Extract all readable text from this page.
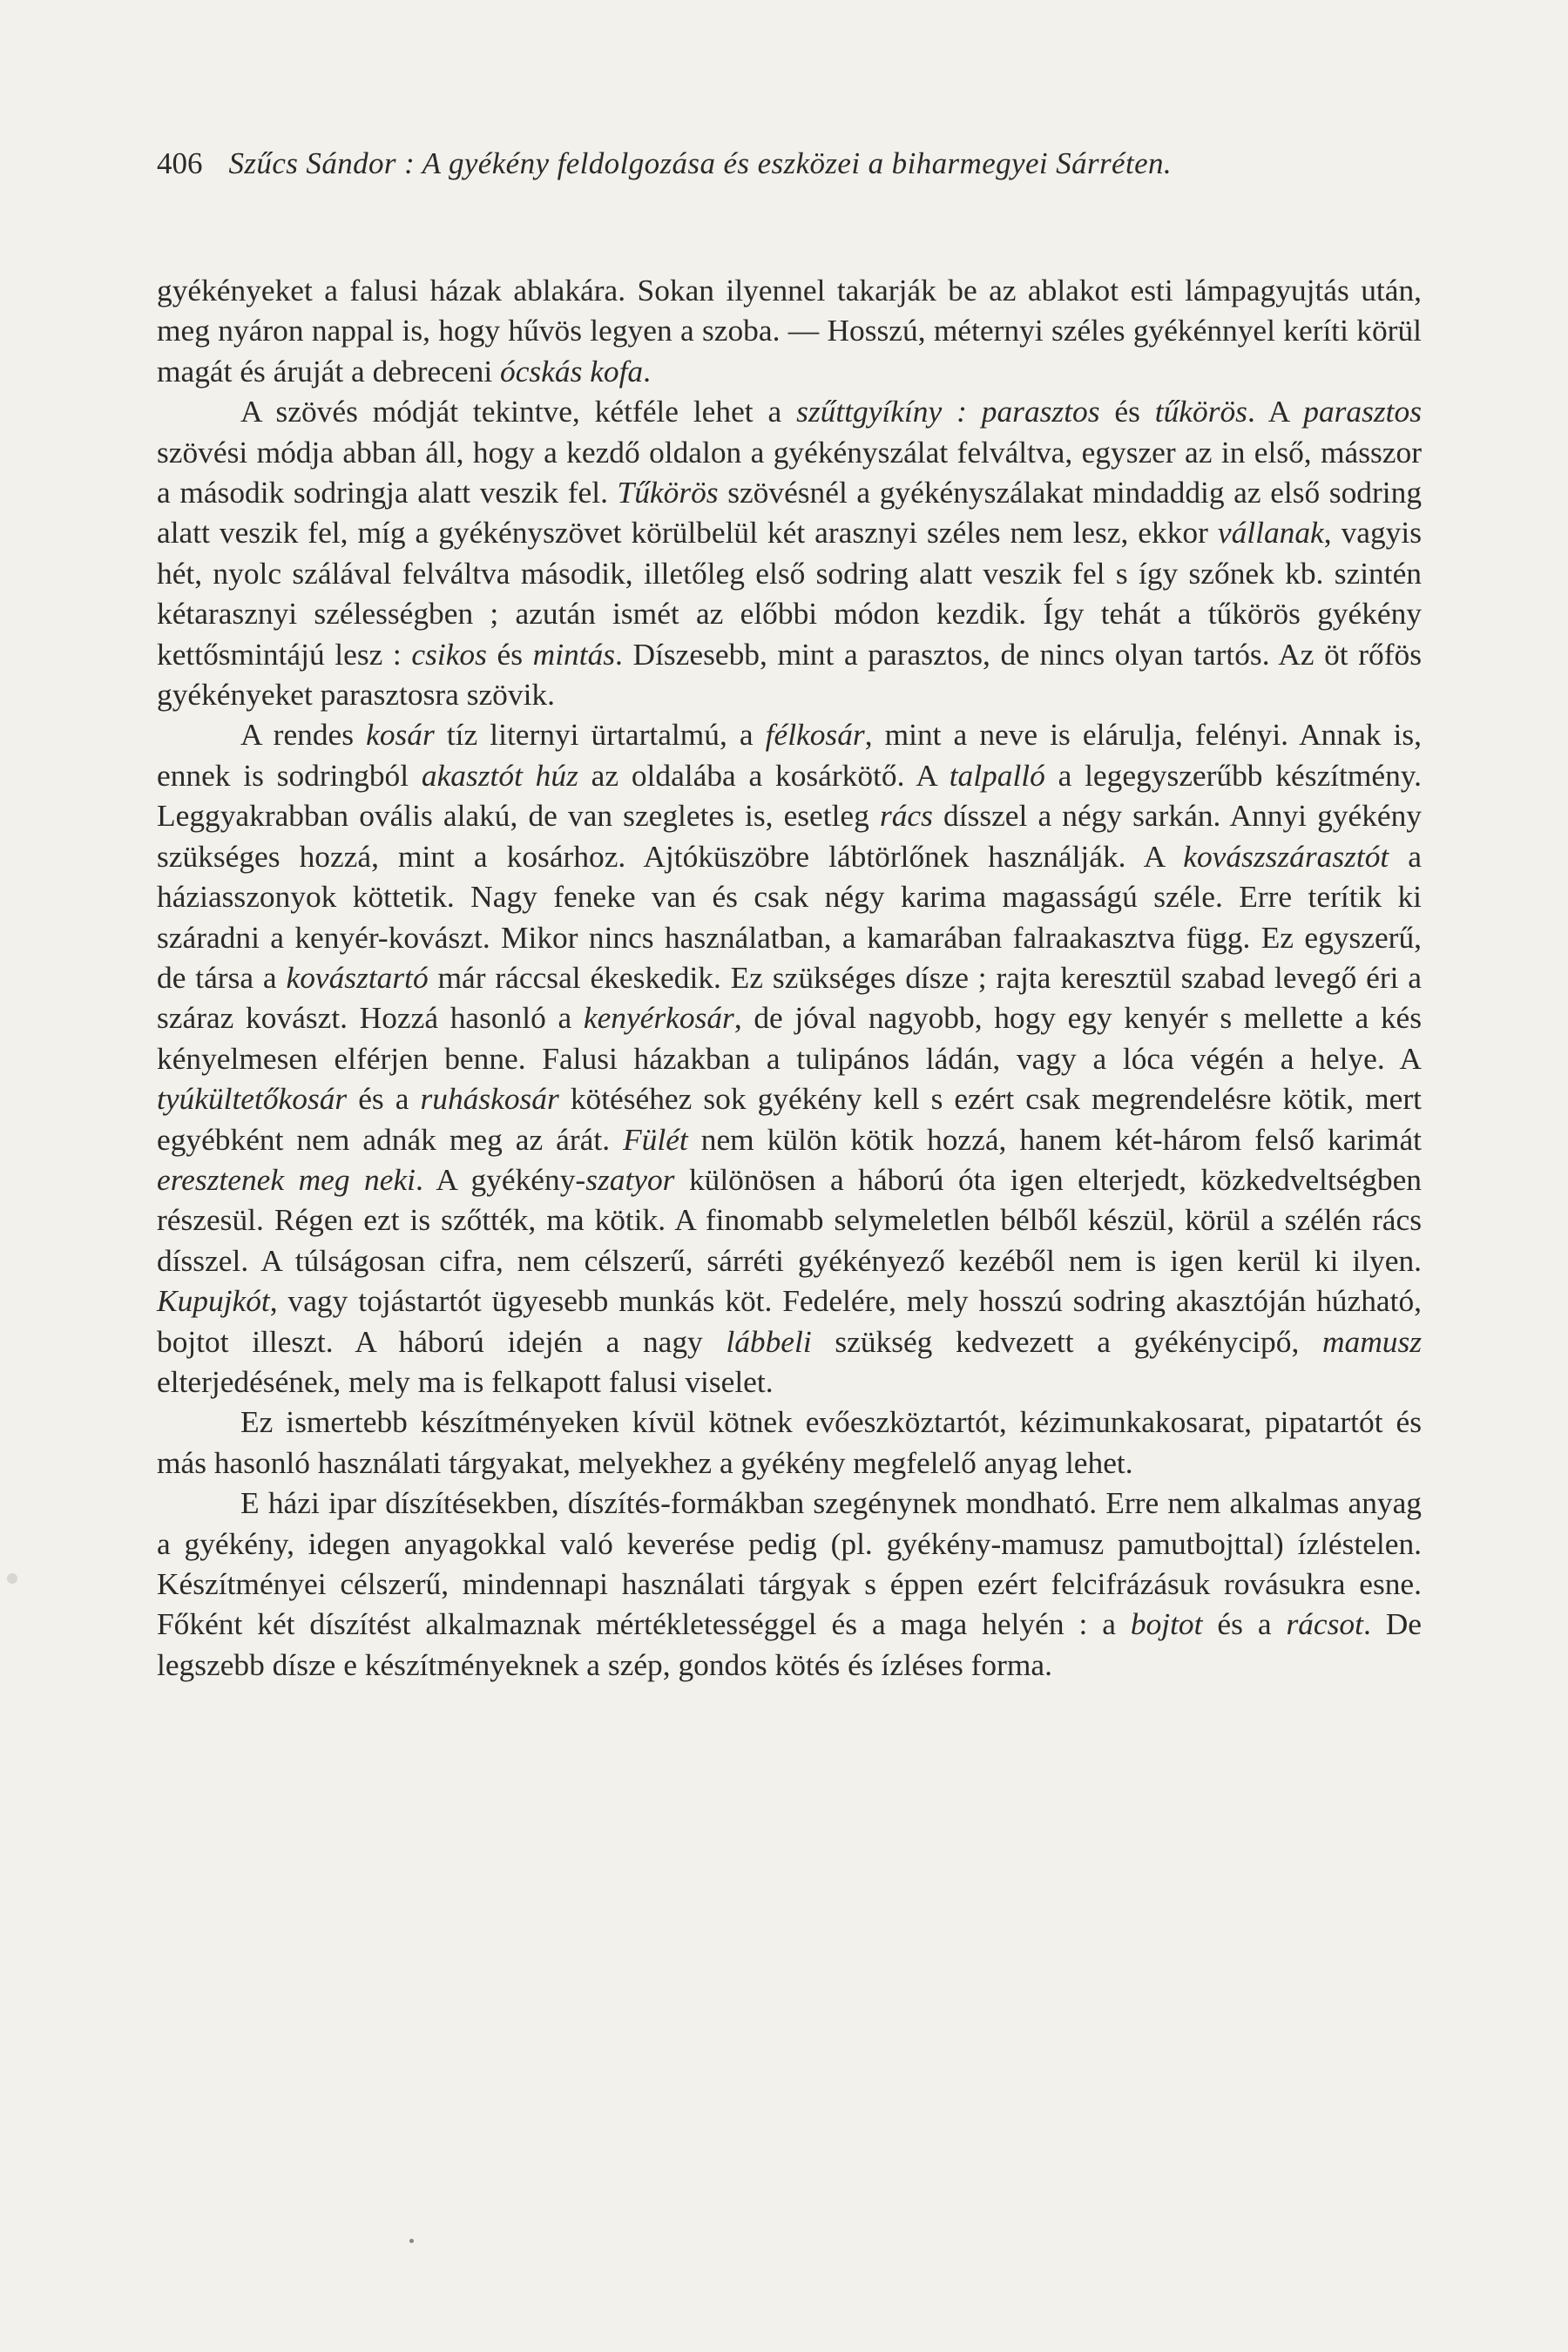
406 Szűcs Sándor : A gyékény feldolgozása és eszközei a biharmegyei Sárréten.

gyékényeket a falusi házak ablakára. Sokan ilyennel takarják be az ablakot esti lámpagyujtás után, meg nyáron nappal is, hogy hűvös legyen a szoba. — Hosszú, méternyi széles gyékénnyel keríti körül magát és áruját a debreceni ócskás kofa.

A szövés módját tekintve, kétféle lehet a szűttgyíkíny : parasztos és tűkörös. A parasztos szövési módja abban áll, hogy a kezdő oldalon a gyékényszálat felváltva, egyszer az in első, másszor a második sodringja alatt veszik fel. Tűkörös szövésnél a gyékényszálakat mindaddig az első sodring alatt veszik fel, míg a gyékényszövet körülbelül két arasznyi széles nem lesz, ekkor vállanak, vagyis hét, nyolc szálával felváltva második, illetőleg első sodring alatt veszik fel s így szőnek kb. szintén kétarasznyi szélességben ; azután ismét az előbbi módon kezdik. Így tehát a tűkörös gyékény kettősmintájú lesz : csikos és mintás. Díszesebb, mint a parasztos, de nincs olyan tartós. Az öt rőfös gyékényeket parasztosra szövik.

A rendes kosár tíz liternyi ürtartalmú, a félkosár, mint a neve is elárulja, felényi. Annak is, ennek is sodringból akasztót húz az oldalába a kosárkötő. A talpalló a legegyszerűbb készítmény. Leggyakrabban ovális alakú, de van szegletes is, esetleg rács dísszel a négy sarkán. Annyi gyékény szükséges hozzá, mint a kosárhoz. Ajtóküszöbre lábtörlőnek használják. A kovászszárasztót a háziasszonyok köttetik. Nagy feneke van és csak négy karima magasságú széle. Erre terítik ki száradni a kenyér-kovászt. Mikor nincs használatban, a kamarában falraakasztva függ. Ez egyszerű, de társa a kovásztartó már ráccsal ékeskedik. Ez szükséges dísze ; rajta keresztül szabad levegő éri a száraz kovászt. Hozzá hasonló a kenyérkosár, de jóval nagyobb, hogy egy kenyér s mellette a kés kényelmesen elférjen benne. Falusi házakban a tulipános ládán, vagy a lóca végén a helye. A tyúkültetőkosár és a ruháskosár kötéséhez sok gyékény kell s ezért csak megrendelésre kötik, mert egyébként nem adnák meg az árát. Fülét nem külön kötik hozzá, hanem két-három felső karimát eresztenek meg neki. A gyékény-szatyor különösen a háború óta igen elterjedt, közkedveltségben részesül. Régen ezt is szőtték, ma kötik. A finomabb selymeletlen bélből készül, körül a szélén rács dísszel. A túlságosan cifra, nem célszerű, sárréti gyékényező kezéből nem is igen kerül ki ilyen. Kupujkót, vagy tojástartót ügyesebb munkás köt. Fedelére, mely hosszú sodring akasztóján húzható, bojtot illeszt. A háború idején a nagy lábbeli szükség kedvezett a gyékénycipő, mamusz elterjedésének, mely ma is felkapott falusi viselet.

Ez ismertebb készítményeken kívül kötnek evőeszköztartót, kézimunkakosarat, pipatartót és más hasonló használati tárgyakat, melyekhez a gyékény megfelelő anyag lehet.

E házi ipar díszítésekben, díszítés-formákban szegénynek mondható. Erre nem alkalmas anyag a gyékény, idegen anyagokkal való keverése pedig (pl. gyékény-mamusz pamutbojttal) ízléstelen. Készítményei célszerű, mindennapi használati tárgyak s éppen ezért felcifrázásuk rovásukra esne. Főként két díszítést alkalmaznak mértékletességgel és a maga helyén : a bojtot és a rácsot. De legszebb dísze e készítményeknek a szép, gondos kötés és ízléses forma.
